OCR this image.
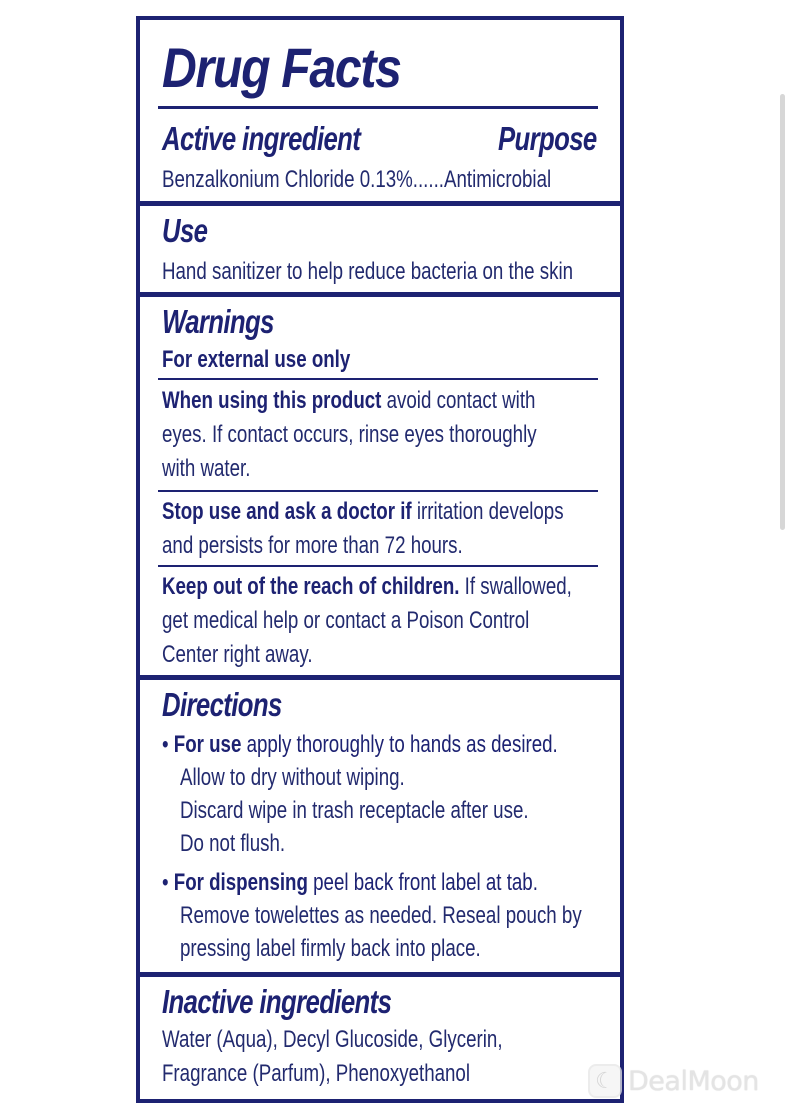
Drug Facts
Active ingredient	Purpose
Benzalkonium Chloride 0.13%......Antimicrobial
Use
Hand sanitizer to help reduce bacteria on the skin
Warnings
For external use only
When using this product avoid contact with
eyes. If contact occurs, rinse eyes thoroughly
with water.
Stop use and ask a doctor if irritation develops
and persists for more than 72 hours.
Keep out of the reach of children. If swallowed,
get medical help or contact a Poison Control
Center right away.
Directions
• For use apply thoroughly to hands as desired.
Allow to dry without wiping.
Discard wipe in trash receptacle after use.
Do not flush.
• For dispensing peel back front label at tab.
Remove towelettes as needed. Reseal pouch by
pressing label firmly back into place.
Inactive ingredients
Water (Aqua), Decyl Glucoside, Glycerin,
Fragrance (Parfum), Phenoxyethanol	☾ DealMoon
